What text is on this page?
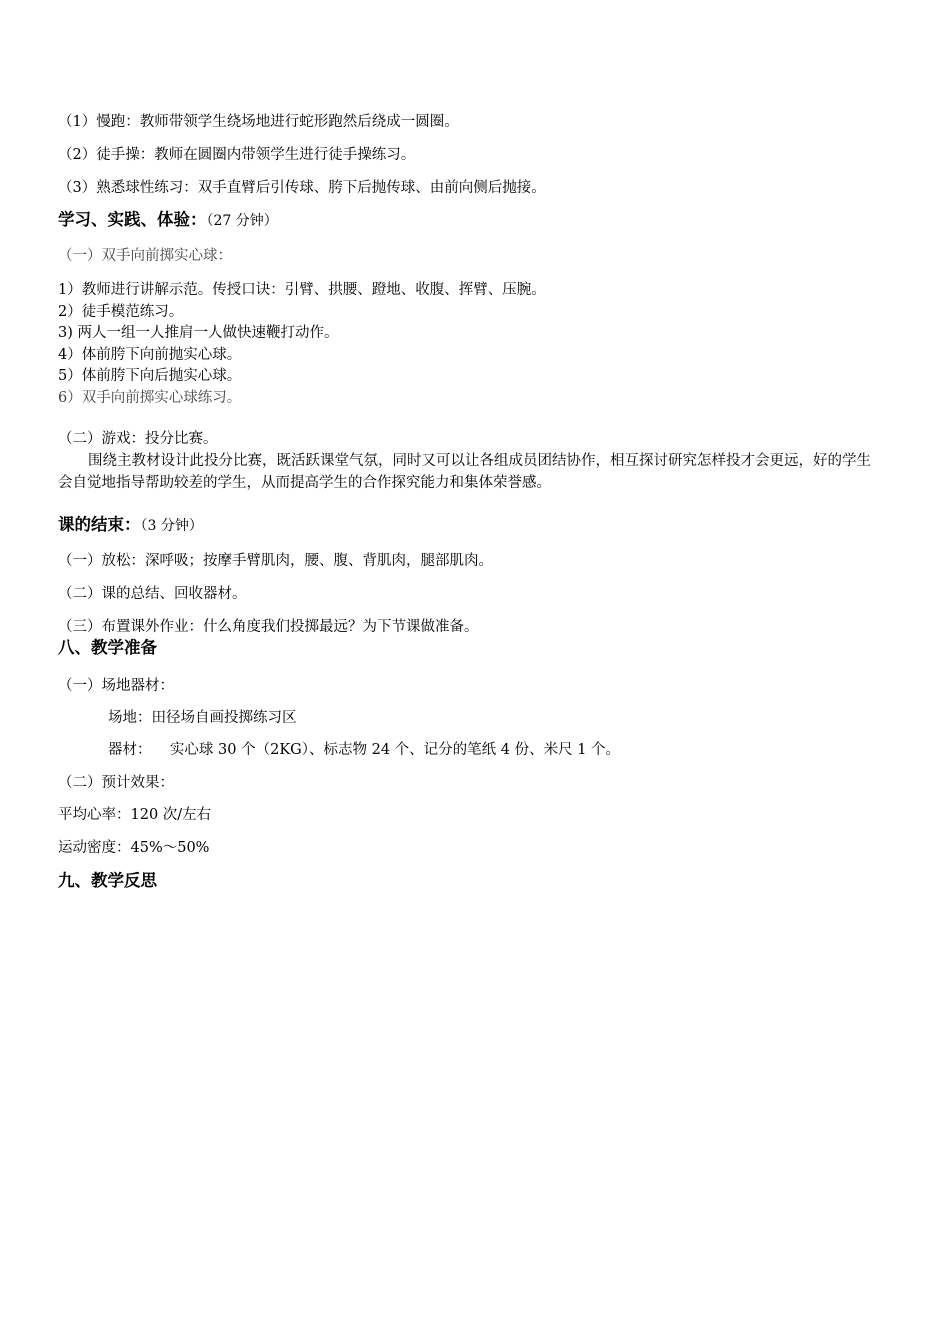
（1）慢跑：教师带领学生绕场地进行蛇形跑然后绕成一圆圈。
（2）徒手操：教师在圆圈内带领学生进行徒手操练习。
（3）熟悉球性练习：双手直臂后引传球、胯下后抛传球、由前向侧后抛接。
学习、实践、体验：（27 分钟）
（一）双手向前掷实心球：
1）教师进行讲解示范。传授口诀：引臂、拱腰、蹬地、收腹、挥臂、压腕。
2）徒手模范练习。
3) 两人一组一人推肩一人做快速鞭打动作。
4）体前胯下向前抛实心球。
5）体前胯下向后抛实心球。
6）双手向前掷实心球练习。
（二）游戏：投分比赛。
围绕主教材设计此投分比赛，既活跃课堂气氛，同时又可以让各组成员团结协作，相互探讨研究怎样投才会更远，好的学生会自觉地指导帮助较差的学生，从而提高学生的合作探究能力和集体荣誉感。
课的结束：（3 分钟）
（一）放松：深呼吸；按摩手臂肌肉，腰、腹、背肌肉，腿部肌肉。
（二）课的总结、回收器材。
（三）布置课外作业：什么角度我们投掷最远？为下节课做准备。
八、教学准备
（一）场地器材：
场地：田径场自画投掷练习区
器材：    实心球 30 个（2KG）、标志物 24 个、记分的笔纸 4 份、米尺 1 个。
（二）预计效果：
平均心率：120 次/左右
运动密度：45%～50%
九、教学反思
